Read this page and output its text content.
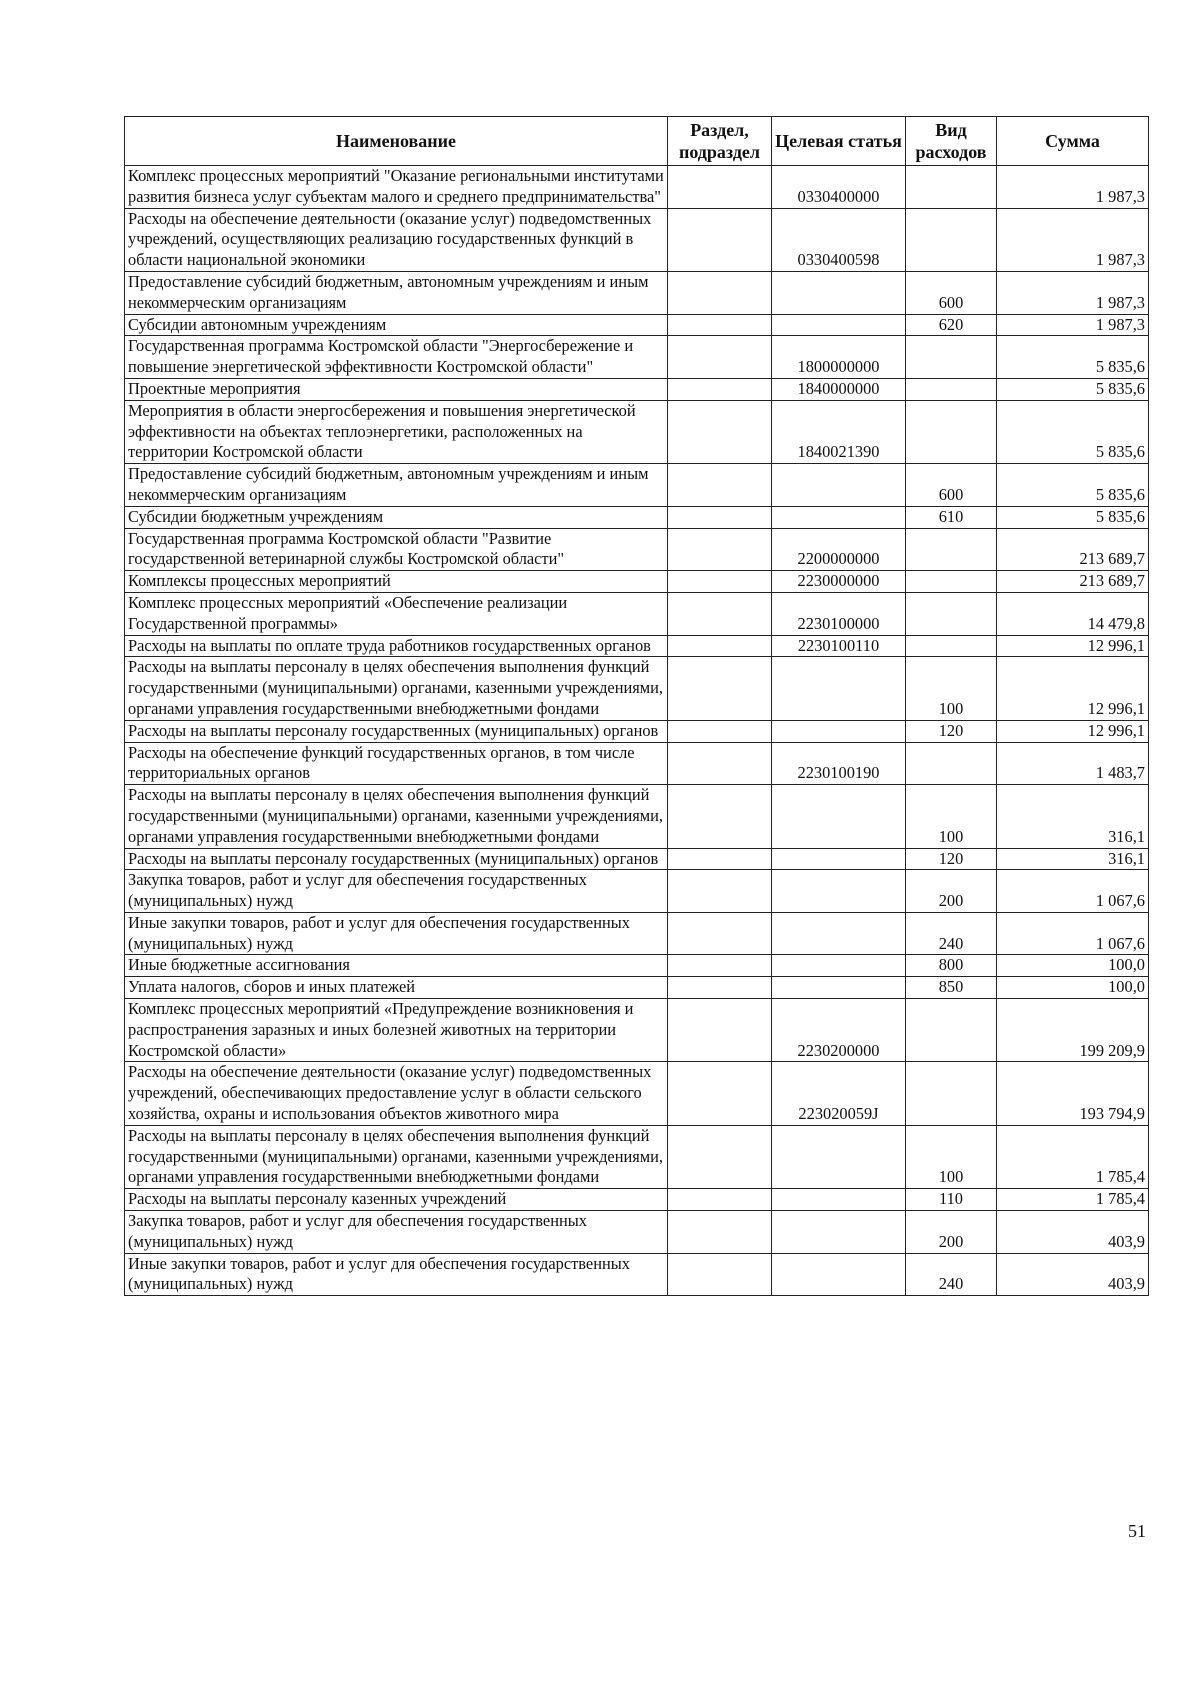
Наименование	Раздел, подраздел	Целевая статья	Вид расходов	Сумма
Комплекс процессных мероприятий "Оказание региональными институтами развития бизнеса услуг субъектам малого и среднего предпринимательства"		0330400000		1 987,3
Расходы на обеспечение деятельности (оказание услуг) подведомственных учреждений, осуществляющих реализацию государственных функций в области национальной экономики		0330400598		1 987,3
Предоставление субсидий бюджетным, автономным учреждениям и иным некоммерческим организациям			600	1 987,3
Субсидии автономным учреждениям			620	1 987,3
Государственная программа Костромской области "Энергосбережение и повышение энергетической эффективности Костромской области"		1800000000		5 835,6
Проектные мероприятия		1840000000		5 835,6
Мероприятия в области энергосбережения и повышения энергетической эффективности на объектах теплоэнергетики, расположенных на территории Костромской области		1840021390		5 835,6
Предоставление субсидий бюджетным, автономным учреждениям и иным некоммерческим организациям			600	5 835,6
Субсидии бюджетным учреждениям			610	5 835,6
Государственная программа Костромской области "Развитие государственной ветеринарной службы Костромской области"		2200000000		213 689,7
Комплексы процессных мероприятий		2230000000		213 689,7
Комплекс процессных мероприятий «Обеспечение реализации Государственной программы»		2230100000		14 479,8
Расходы на выплаты по оплате труда работников государственных органов		2230100110		12 996,1
Расходы на выплаты персоналу в целях обеспечения выполнения функций государственными (муниципальными) органами, казенными учреждениями, органами управления государственными внебюджетными фондами			100	12 996,1
Расходы на выплаты персоналу государственных (муниципальных) органов			120	12 996,1
Расходы на обеспечение функций государственных органов, в том числе территориальных органов		2230100190		1 483,7
Расходы на выплаты персоналу в целях обеспечения выполнения функций государственными (муниципальными) органами, казенными учреждениями, органами управления государственными внебюджетными фондами			100	316,1
Расходы на выплаты персоналу государственных (муниципальных) органов			120	316,1
Закупка товаров, работ и услуг для обеспечения государственных (муниципальных) нужд			200	1 067,6
Иные закупки товаров, работ и услуг для обеспечения государственных (муниципальных) нужд			240	1 067,6
Иные бюджетные ассигнования			800	100,0
Уплата налогов, сборов и иных платежей			850	100,0
Комплекс процессных мероприятий «Предупреждение возникновения и распространения заразных и иных болезней животных на территории Костромской области»		2230200000		199 209,9
Расходы на обеспечение деятельности (оказание услуг) подведомственных учреждений, обеспечивающих предоставление услуг в области сельского хозяйства, охраны и использования объектов животного мира		223020059J		193 794,9
Расходы на выплаты персоналу в целях обеспечения выполнения функций государственными (муниципальными) органами, казенными учреждениями, органами управления государственными внебюджетными фондами			100	1 785,4
Расходы на выплаты персоналу казенных учреждений			110	1 785,4
Закупка товаров, работ и услуг для обеспечения государственных (муниципальных) нужд			200	403,9
Иные закупки товаров, работ и услуг для обеспечения государственных (муниципальных) нужд			240	403,9
51
